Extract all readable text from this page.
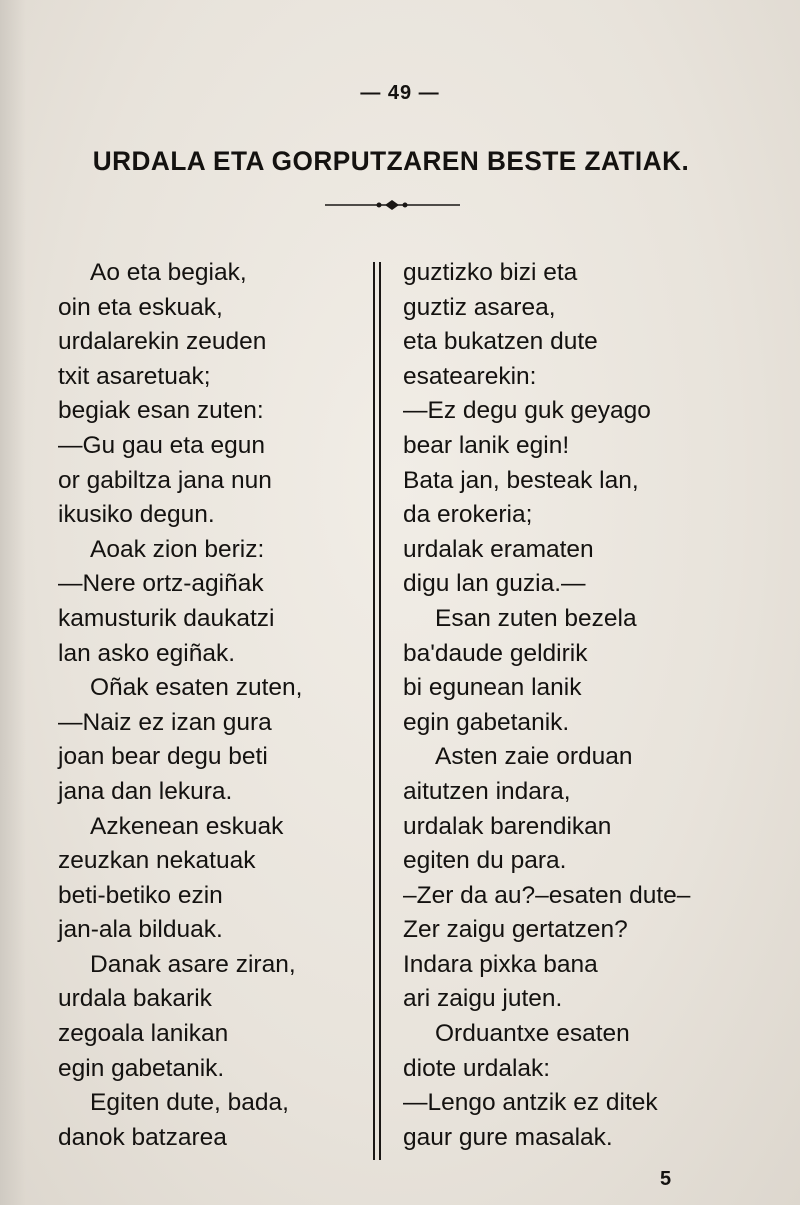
— 49 —
URDALA ETA GORPUTZAREN BESTE ZATIAK.
Ao eta begiak,
oin eta eskuak,
urdalarekin zeuden
txit asaretuak;
begiak esan zuten:
—Gu gau eta egun
or gabiltza jana nun
ikusiko degun.
Aoak zion beriz:
—Nere ortz-agiñak
kamusturik daukatzi
lan asko egiñak.
Oñak esaten zuten,
—Naiz ez izan gura
joan bear degu beti
jana dan lekura.
Azkenean eskuak
zeuzkan nekatuak
beti-betiko ezin
jan-ala bilduak.
Danak asare ziran,
urdala bakarik
zegoala lanikan
egin gabetanik.
Egiten dute, bada,
danok batzarea
guztizko bizi eta
guztiz asarea,
eta bukatzen dute
esatearekin:
—Ez degu guk geyago
bear lanik egin!
Bata jan, besteak lan,
da erokeria;
urdalak eramaten
digu lan guzia.—
Esan zuten bezela
ba'daude geldirik
bi egunean lanik
egin gabetanik.
Asten zaie orduan
aitutzen indara,
urdalak barendikan
egiten du para.
–Zer da au?–esaten dute–
Zer zaigu gertatzen?
Indara pixka bana
ari zaigu juten.
Orduantxe esaten
diote urdalak:
—Lengo antzik ez ditek
gaur gure masalak.
5
